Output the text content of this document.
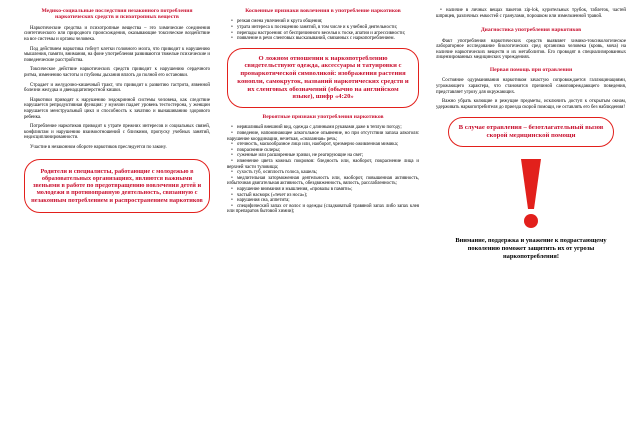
Медико-социальные последствия незаконного потребления наркотических средств и психотропных веществ
Наркотические средства и психотропные вещества – это химические соединения синтетического или природного происхождения, оказывающие токсическое воздействие на все системы и органы человека.
Под действием наркотика гибнут клетки головного мозга, что приводит к нарушению мышления, памяти, внимания, на фоне употребления развиваются тяжелые психические и поведенческие расстройства.
Токсическое действие наркотических средств приводит к нарушению сердечного ритма, изменению частоты и глубины дыхания вплоть до полной его остановки.
Страдает и желудочно-кишечный тракт, что приводит к развитию гастрита, язвенной болезни желудка и двенадцатиперстной кишки.
Наркотики приводят к нарушению эндокринной системы человека, как следствие нарушается репродуктивная функция: у мужчин падает уровень тестостерона, у женщин нарушается менструальный цикл и способность к зачатию и вынашиванию здорового ребенка.
Потребление наркотиков приводит к утрате прежних интересов и социальных связей, конфликтам и нарушению взаимоотношений с близкими, пропуску учебных занятий, недисциплинированности.
Участие в незаконном обороте наркотиков преследуется по закону.
Родители и специалисты, работающие с молодежью в образовательных организациях, являются важными звеньями в работе по предотвращению вовлечения детей и молодежи в противоправную деятельность, связанную с незаконным потреблением и распространением наркотиков
Косвенные признаки вовлечения в употребление наркотиков
• резкая смена увлечений и круга общения;
• утрата интереса к посещению занятий, в том числе и к учебной деятельности;
• перепады настроения: от беспричинного веселья к тоске, апатии и агрессивности;
• появление в речи сленговых высказываний, связанных с наркопотреблением.
О ложном отношении к наркопотреблению свидетельствуют одежда, аксессуары и татуировки с пронаркотической символикой: изображения растения конопли, самокруток, названий наркотических средств и их сленговых обозначений (обычно на английском языке), шифр «4:20»
Вероятные признаки употребления наркотиков
• неряшливый внешний вид, одежда с длинными рукавами даже в теплую погоду;
• поведение, напоминающее алкогольное опьянение, но при отсутствии запаха алкоголя: нарушение координации, нечеткая, «смазанная» речь;
• отечность, мaскообразное лицо или, наоборот, чрезмерно оживленная мимика;
• покраснение склеры;
• суженные или расширенные зрачки, не реагирующие на свет;
• изменение цвета кожных покровов: бледность или, наоборот, покраснение лица и верхней части туловища;
• сухость губ, осиплость голоса, кашель;
• медлительная заторможенная деятельность или, наоборот, повышенная активность, избыточная двигательная активность, обездвиженность, вялость, расслабленность;
• нарушение внимания и мышления, «провалы в памяти»;
• частый насморк («течет из носа»);
• нарушения сна, аппетита;
• специфический запах от волос и одежды (сладковатый травяной запах либо запах клея или препаратов бытовой химии);
• наличие в личных вещах пакетов zip-lok, курительных трубок, таблеток, частей шприцев, различных емкостей с гранулами, порошком или измельченной травой.
Диагностика употребления наркотиков
Факт употребления наркотических средств выявляет химико-токсикологическое лабораторное исследование биологических сред организма человека (кровь, моча) на наличие наркотических веществ и их метаболитов. Его проводят в специализированных лицензированных медицинских учреждениях.
Первая помощь при отравлении
Состояние одурманивания наркотиком зачастую сопровождается галлюцинациями, угрожающего характера, что становится причиной самоповреждающего поведения, представляет угрозу для окружающих.
Важно убрать колющие и режущие предметы, исключить доступ к открытым окнам, удерживать наркопотребителя до приезда скорой помощи, не оставлять его без наблюдения!
В случае отравления – безотлагательный вызов скорой медицинской помощи
Внимание, поддержка и уважение к подрастающему поколению поможет защитить их от угрозы наркопотребления!
